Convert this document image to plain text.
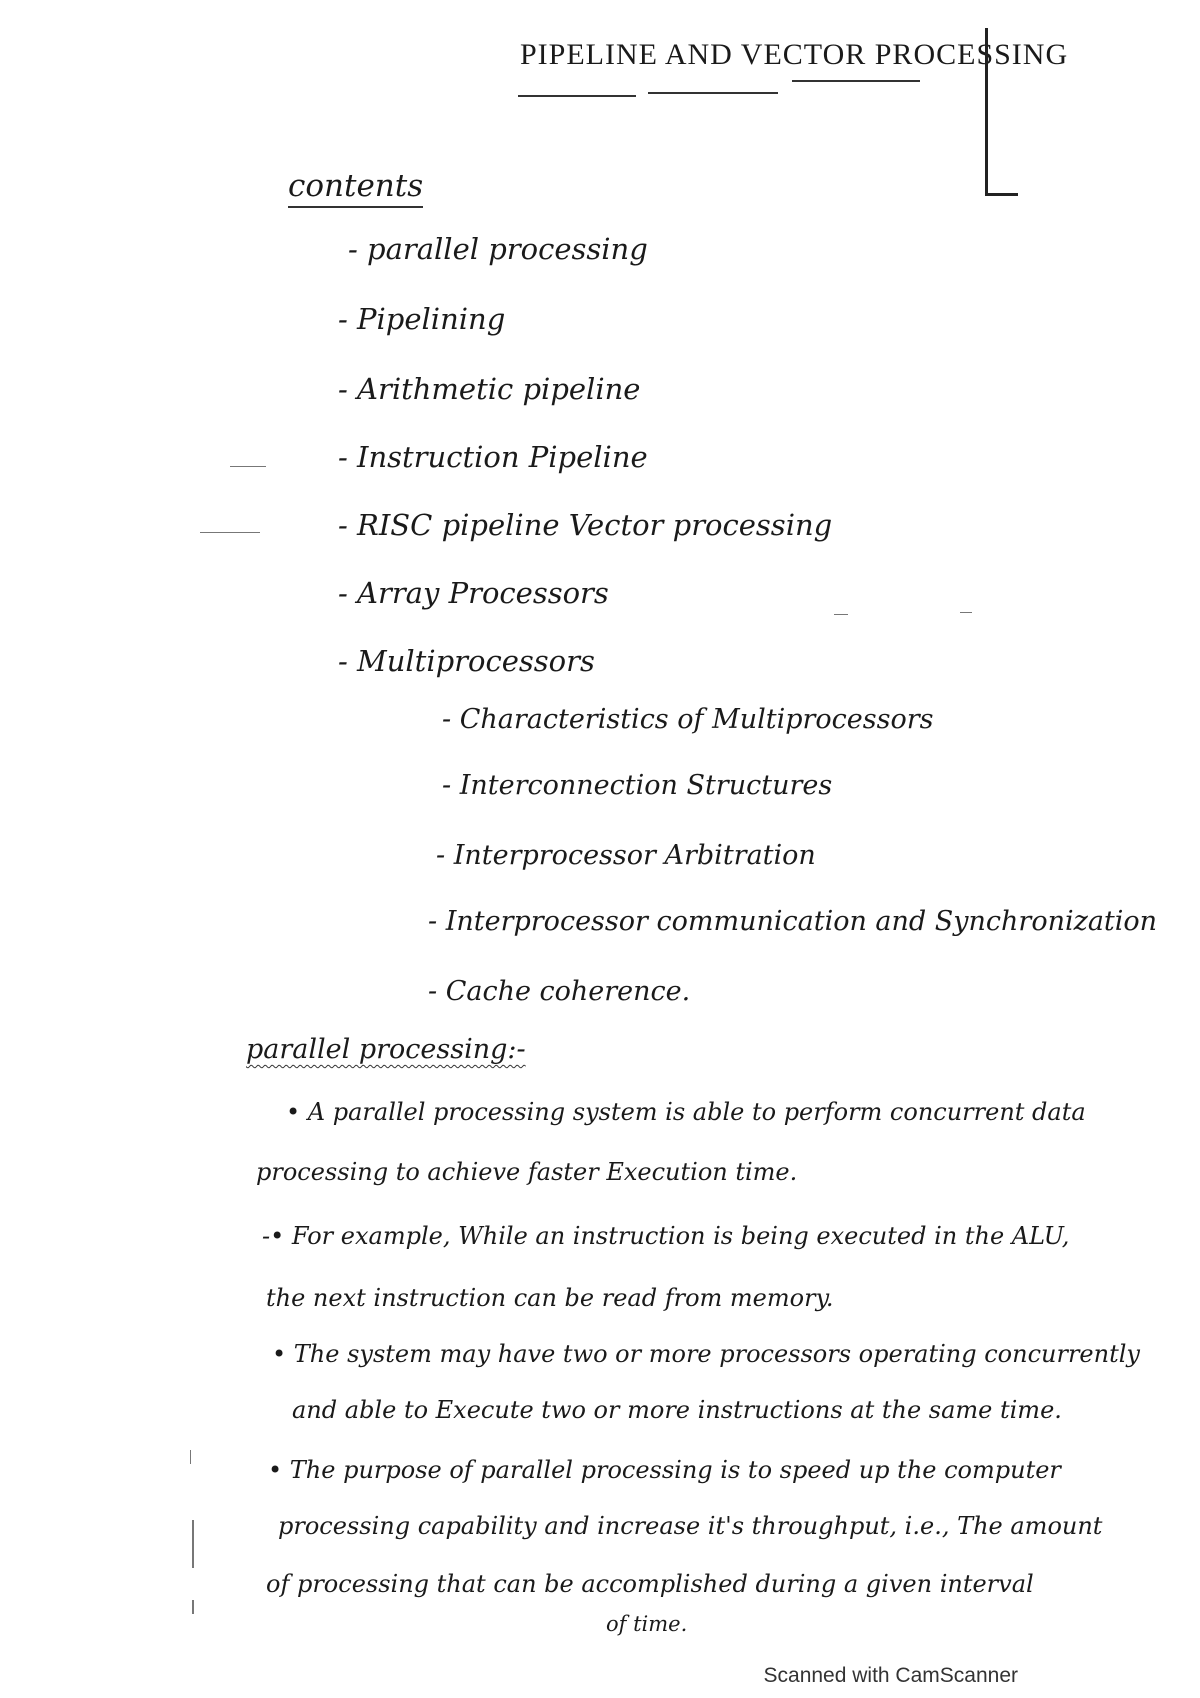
PIPELINE AND VECTOR PROCESSING
contents
- parallel processing
- Pipelining
- Arithmetic pipeline
- Instruction Pipeline
- RISC pipeline Vector processing
- Array Processors
- Multiprocessors
- Characteristics of Multiprocessors
- Interconnection Structures
- Interprocessor Arbitration
- Interprocessor communication and Synchronization
- Cache coherence.
parallel processing:-
• A parallel processing system is able to perform concurrent data
processing to achieve faster Execution time.
-• For example, While an instruction is being executed in the ALU,
the next instruction can be read from memory.
• The system may have two or more processors operating concurrently
and able to Execute two or more instructions at the same time.
• The purpose of parallel processing is to speed up the computer
processing capability and increase it's throughput, i.e., The amount
of processing that can be accomplished during a given interval
of time.
Scanned with CamScanner
